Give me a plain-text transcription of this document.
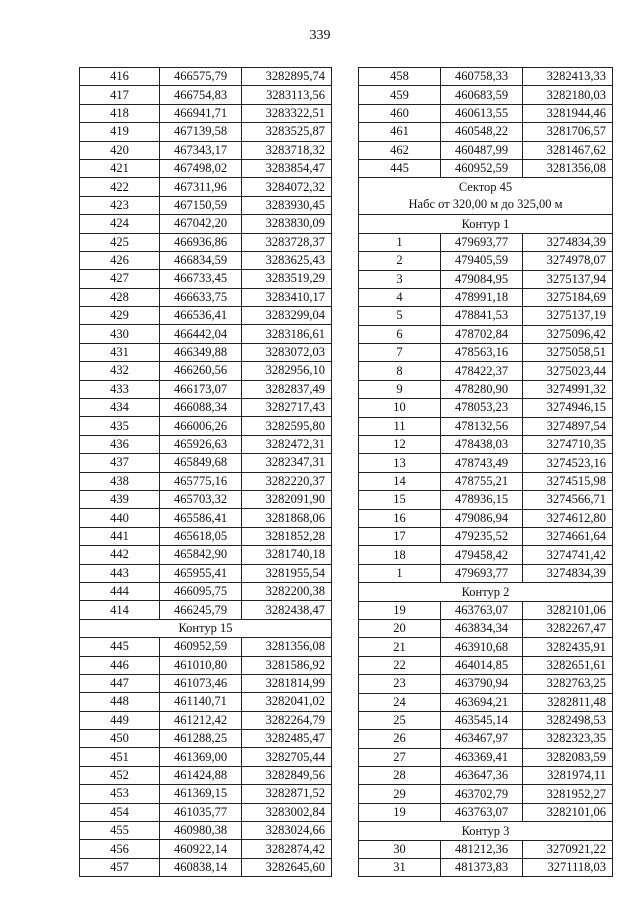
339
416	466575,79	3282895,74
417	466754,83	3283113,56
418	466941,71	3283322,51
419	467139,58	3283525,87
420	467343,17	3283718,32
421	467498,02	3283854,47
422	467311,96	3284072,32
423	467150,59	3283930,45
424	467042,20	3283830,09
425	466936,86	3283728,37
426	466834,59	3283625,43
427	466733,45	3283519,29
428	466633,75	3283410,17
429	466536,41	3283299,04
430	466442,04	3283186,61
431	466349,88	3283072,03
432	466260,56	3282956,10
433	466173,07	3282837,49
434	466088,34	3282717,43
435	466006,26	3282595,80
436	465926,63	3282472,31
437	465849,68	3282347,31
438	465775,16	3282220,37
439	465703,32	3282091,90
440	465586,41	3281868,06
441	465618,05	3281852,28
442	465842,90	3281740,18
443	465955,41	3281955,54
444	466095,75	3282200,38
414	466245,79	3282438,47
Контур 15		
445	460952,59	3281356,08
446	461010,80	3281586,92
447	461073,46	3281814,99
448	461140,71	3282041,02
449	461212,42	3282264,79
450	461288,25	3282485,47
451	461369,00	3282705,44
452	461424,88	3282849,56
453	461369,15	3282871,52
454	461035,77	3283002,84
455	460980,38	3283024,66
456	460922,14	3282874,42
457	460838,14	3282645,60
458	460758,33	3282413,33
459	460683,59	3282180,03
460	460613,55	3281944,46
461	460548,22	3281706,57
462	460487,99	3281467,62
445	460952,59	3281356,08

Сектор 45
Набс от 320,00 м до 325,00 м		

Контур 1		
1	479693,77	3274834,39
2	479405,59	3274978,07
3	479084,95	3275137,94
4	478991,18	3275184,69
5	478841,53	3275137,19
6	478702,84	3275096,42
7	478563,16	3275058,51
8	478422,37	3275023,44
9	478280,90	3274991,32
10	478053,23	3274946,15
11	478132,56	3274897,54
12	478438,03	3274710,35
13	478743,49	3274523,16
14	478755,21	3274515,98
15	478936,15	3274566,71
16	479086,94	3274612,80
17	479235,52	3274661,64
18	479458,42	3274741,42
1	479693,77	3274834,39
Контур 2		
19	463763,07	3282101,06
20	463834,34	3282267,47
21	463910,68	3282435,91
22	464014,85	3282651,61
23	463790,94	3282763,25
24	463694,21	3282811,48
25	463545,14	3282498,53
26	463467,97	3282323,35
27	463369,41	3282083,59
28	463647,36	3281974,11
29	463702,79	3281952,27
19	463763,07	3282101,06
Контур 3		
30	481212,36	3270921,22
31	481373,83	3271118,03
